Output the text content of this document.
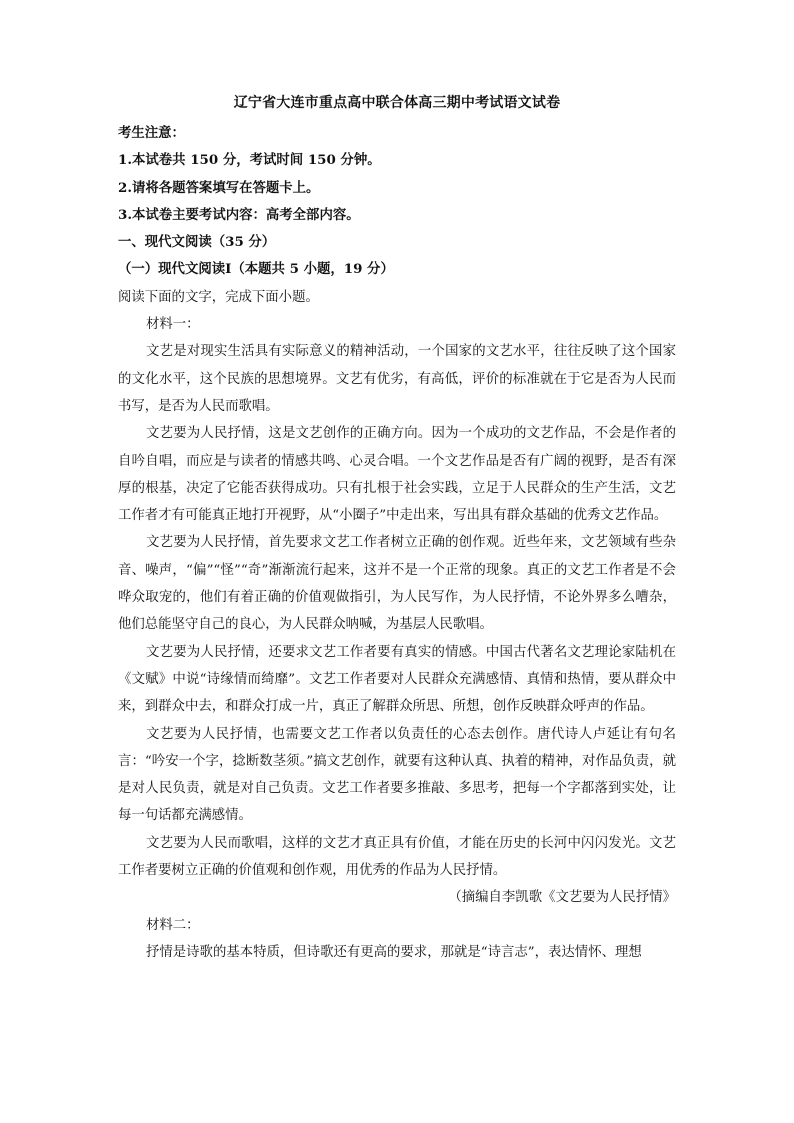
辽宁省大连市重点高中联合体高三期中考试语文试卷
考生注意：
1.本试卷共 150 分，考试时间 150 分钟。
2.请将各题答案填写在答题卡上。
3.本试卷主要考试内容：高考全部内容。
一、现代文阅读（35 分）
（一）现代文阅读Ⅰ（本题共 5 小题，19 分）
阅读下面的文字，完成下面小题。
材料一：

文艺是对现实生活具有实际意义的精神活动，一个国家的文艺水平，往往反映了这个国家的文化水平，这个民族的思想境界。文艺有优劣，有高低，评价的标准就在于它是否为人民而书写，是否为人民而歌唱。

文艺要为人民抒情，这是文艺创作的正确方向。因为一个成功的文艺作品，不会是作者的自吟自唱，而应是与读者的情感共鸣、心灵合唱。一个文艺作品是否有广阔的视野，是否有深厚的根基，决定了它能否获得成功。只有扎根于社会实践，立足于人民群众的生产生活，文艺工作者才有可能真正地打开视野，从“小圈子”中走出来，写出具有群众基础的优秀文艺作品。

文艺要为人民抒情，首先要求文艺工作者树立正确的创作观。近些年来，文艺领域有些杂音、噪声，“偏”“怪”“奇”渐渐流行起来，这并不是一个正常的现象。真正的文艺工作者是不会哗众取宠的，他们有着正确的价值观做指引，为人民写作，为人民抒情，不论外界多么嘈杂，他们总能坚守自己的良心，为人民群众呐喊，为基层人民歌唱。

文艺要为人民抒情，还要求文艺工作者要有真实的情感。中国古代著名文艺理论家陆机在《文赋》中说“诗缘情而绮靡”。文艺工作者要对人民群众充满感情、真情和热情，要从群众中来，到群众中去，和群众打成一片，真正了解群众所思、所想，创作反映群众呼声的作品。

文艺要为人民抒情，也需要文艺工作者以负责任的心态去创作。唐代诗人卢延让有句名言：“吟安一个字，捻断数茎须。”搞文艺创作，就要有这种认真、执着的精神，对作品负责，就是对人民负责，就是对自己负责。文艺工作者要多推敲、多思考，把每一个字都落到实处，让每一句话都充满感情。

文艺要为人民而歌唱，这样的文艺才真正具有价值，才能在历史的长河中闪闪发光。文艺工作者要树立正确的价值观和创作观，用优秀的作品为人民抒情。

（摘编自李凯歌《文艺要为人民抒情》
材料二：

抒情是诗歌的基本特质，但诗歌还有更高的要求，那就是“诗言志”，表达情怀、理想
